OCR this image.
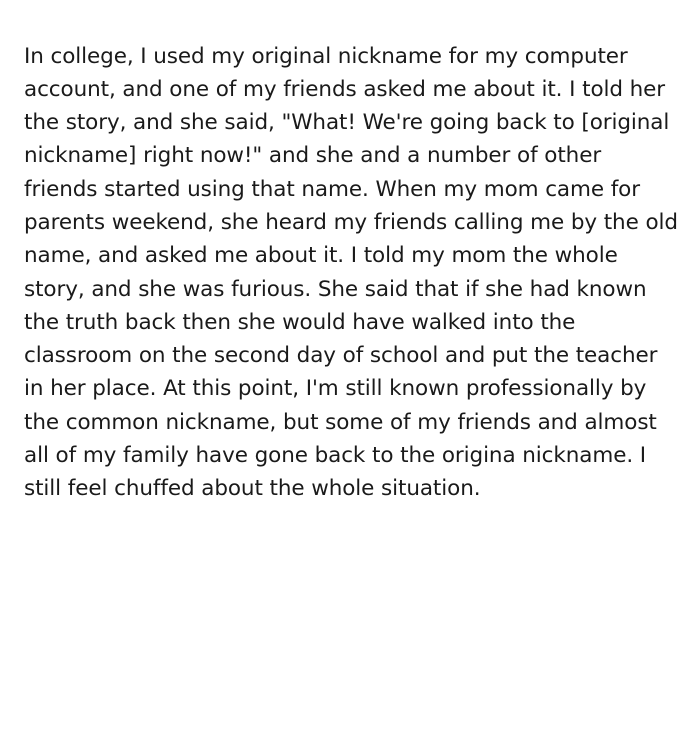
In college, I used my original nickname for my computer account, and one of my friends asked me about it. I told her the story, and she said, "What! We're going back to [original nickname] right now!" and she and a number of other friends started using that name. When my mom came for parents weekend, she heard my friends calling me by the old name, and asked me about it. I told my mom the whole story, and she was furious. She said that if she had known the truth back then she would have walked into the classroom on the second day of school and put the teacher in her place. At this point, I'm still known professionally by the common nickname, but some of my friends and almost all of my family have gone back to the origina nickname. I still feel chuffed about the whole situation.
